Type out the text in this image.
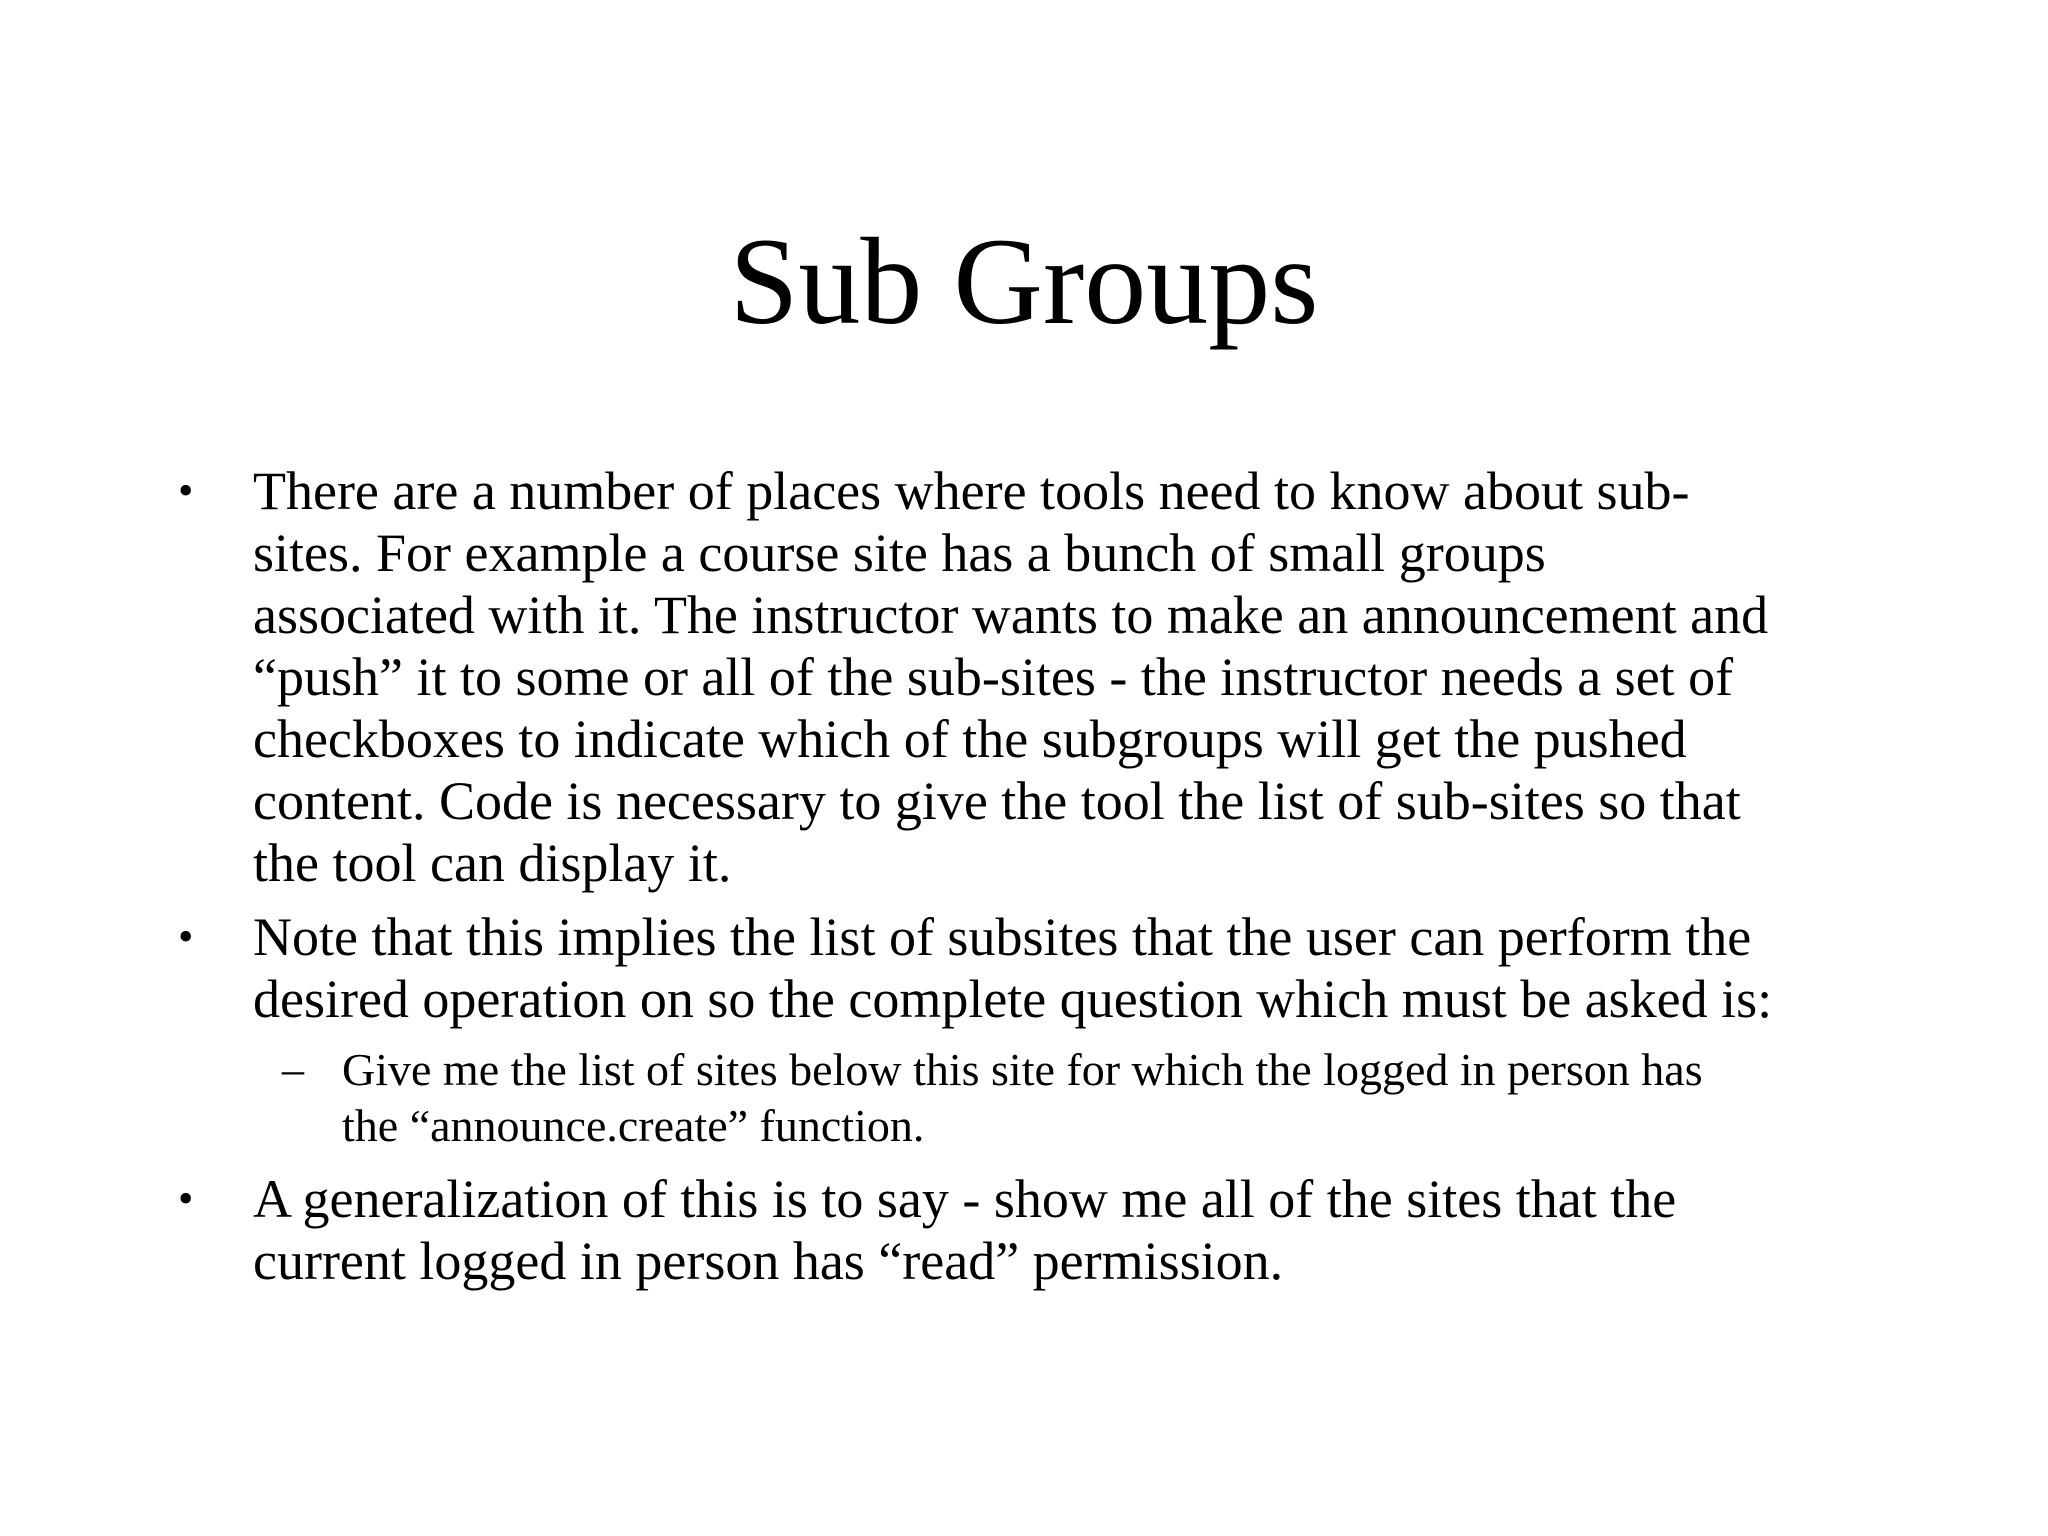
Sub Groups
• There are a number of places where tools need to know about sub-
sites. For example a course site has a bunch of small groups
associated with it. The instructor wants to make an announcement and
“push” it to some or all of the sub-sites - the instructor needs a set of
checkboxes to indicate which of the subgroups will get the pushed
content. Code is necessary to give the tool the list of sub-sites so that
the tool can display it.
• Note that this implies the list of subsites that the user can perform the
desired operation on so the complete question which must be asked is:
– Give me the list of sites below this site for which the logged in person has
the “announce.create” function.
• A generalization of this is to say - show me all of the sites that the
current logged in person has “read” permission.
